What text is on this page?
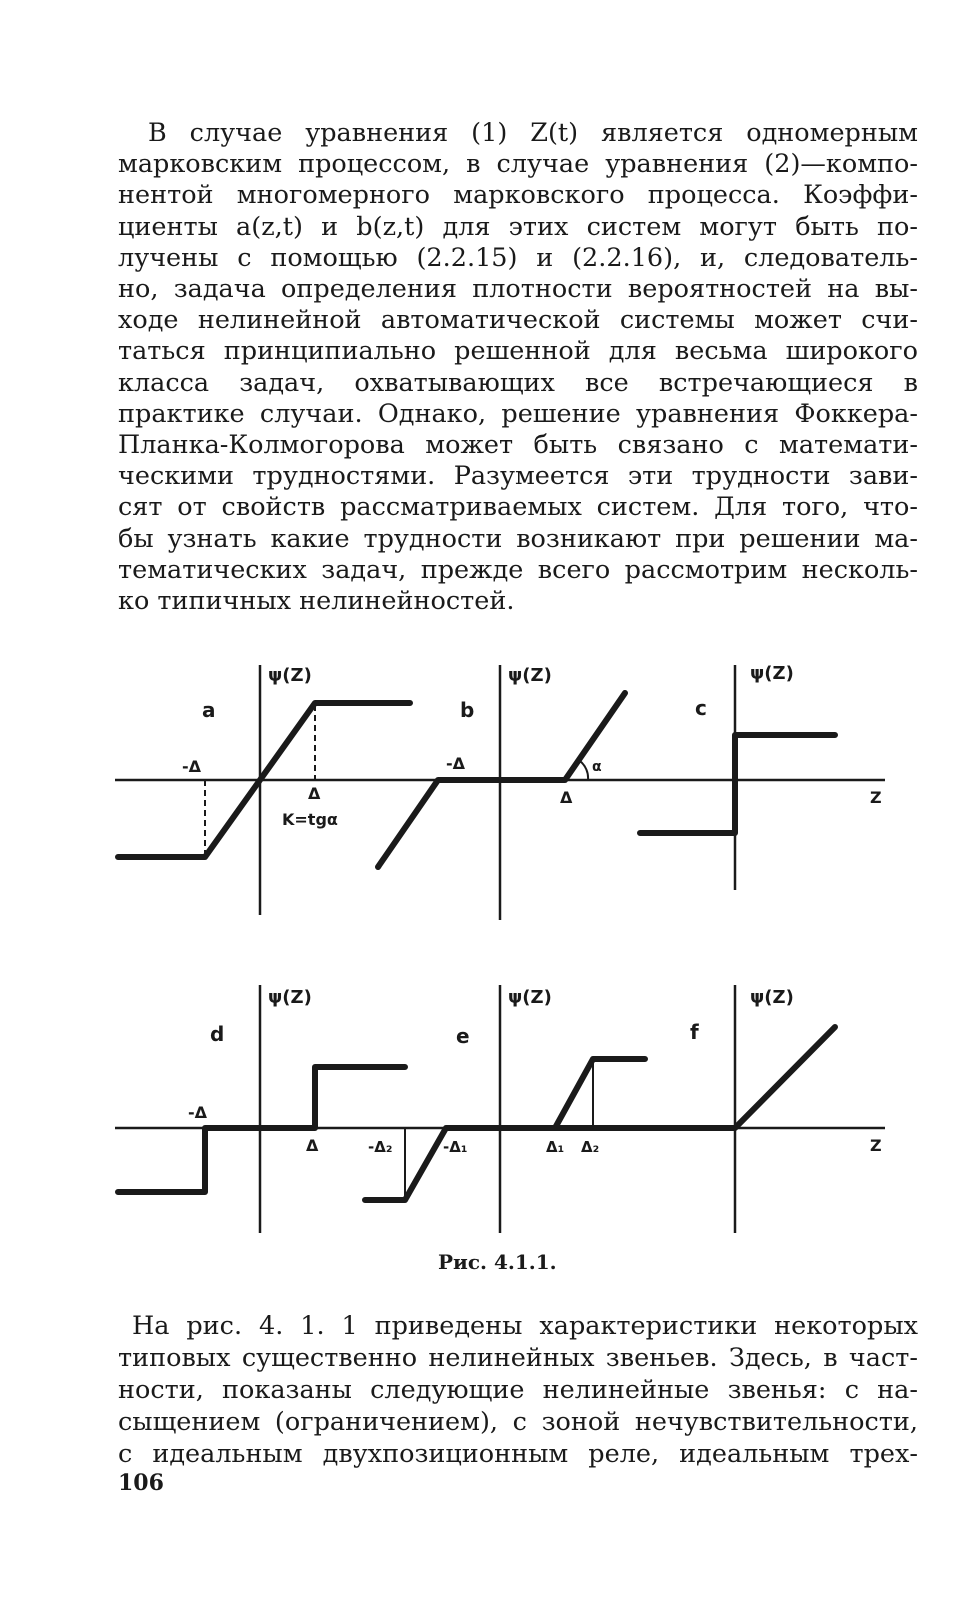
В случае уравнения (1) Z(t) является одномерным
марковским процессом, в случае уравнения (2)—компо-
нентой многомерного марковского процесса. Коэффи-
циенты a(z,t) и b(z,t) для этих систем могут быть по-
лучены с помощью (2.2.15) и (2.2.16), и, следователь-
но, задача определения плотности вероятностей на вы-
ходе нелинейной автоматической системы может счи-
таться принципиально решенной для весьма широкого
класса задач, охватывающих все встречающиеся в
практике случаи. Однако, решение уравнения Фоккера-
Планка-Колмогорова может быть связано с математи-
ческими трудностями. Разумеется эти трудности зави-
сят от свойств рассматриваемых систем. Для того, что-
бы узнать какие трудности возникают при решении ма-
тематических задач, прежде всего рассмотрим несколь-
ко типичных нелинейностей.
ψ(Z)
a
-Δ
Δ
K=tgα
ψ(Z)
b
α
-Δ
Δ
ψ(Z)
c
Z
ψ(Z)
d
-Δ
Δ
ψ(Z)
e
-Δ₂	-Δ₁	Δ₁ Δ₂
ψ(Z)
f
Z
Рис. 4.1.1.
На рис. 4. 1. 1 приведены характеристики некоторых
типовых существенно нелинейных звеньев. Здесь, в част-
ности, показаны следующие нелинейные звенья: с на-
сыщением (ограничением), с зоной нечувствительности,
с идеальным двухпозиционным реле, идеальным трех-
106
